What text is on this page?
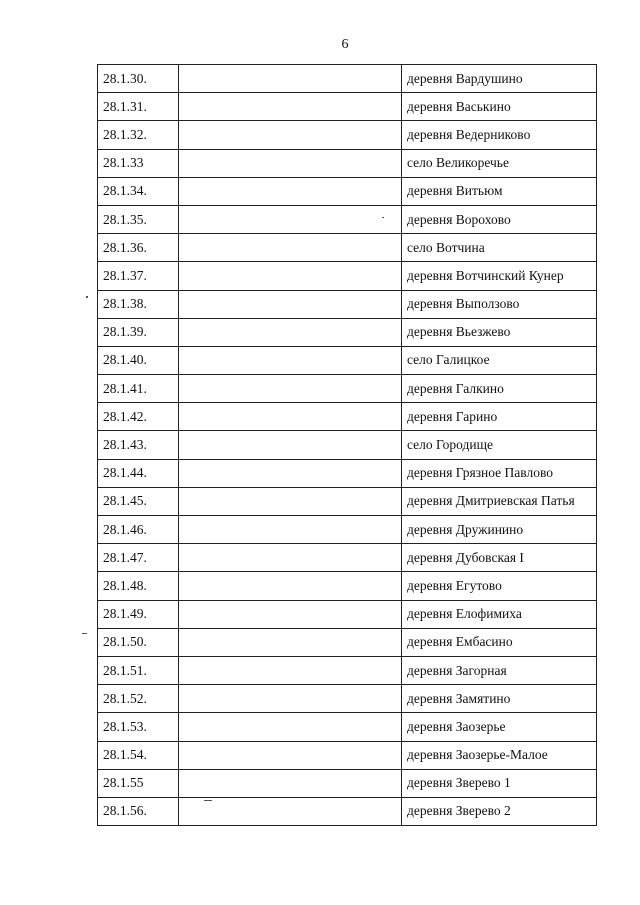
6
28.1.30.		деревня Вардушино
28.1.31.		деревня Васькино
28.1.32.		деревня Ведерниково
28.1.33		село Великоречье
28.1.34.		деревня Витьюм
28.1.35.		деревня Ворохово
28.1.36.		село Вотчина
28.1.37.		деревня Вотчинский Кунер
28.1.38.		деревня Выползово
28.1.39.		деревня Вьезжево
28.1.40.		село Галицкое
28.1.41.		деревня Галкино
28.1.42.		деревня Гарино
28.1.43.		село Городище
28.1.44.		деревня Грязное Павлово
28.1.45.		деревня Дмитриевская Патья
28.1.46.		деревня Дружинино
28.1.47.		деревня Дубовская I
28.1.48.		деревня Егутово
28.1.49.		деревня Елофимиха
28.1.50.		деревня Ембасино
28.1.51.		деревня Загорная
28.1.52.		деревня Замятино
28.1.53.		деревня Заозерье
28.1.54.		деревня Заозерье-Малое
28.1.55		деревня Зверево 1
28.1.56.		деревня Зверево 2
